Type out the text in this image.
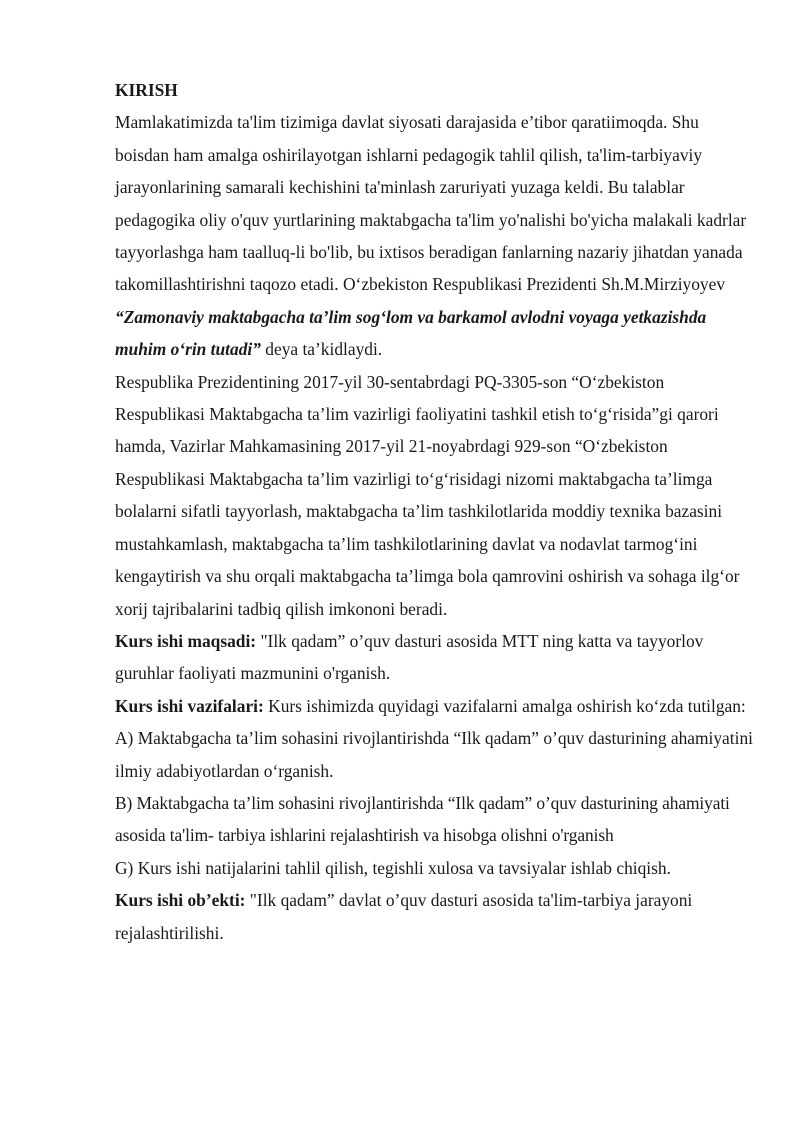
KIRISH

Mamlakatimizda ta'lim tizimiga davlat siyosati darajasida e’tibor qaratiimoqda. Shu boisdan ham amalga oshirilayotgan ishlarni pedagogik tahlil qilish, ta'lim-tarbiyaviy jarayonlarining samarali kechishini ta'minlash zaruriyati yuzaga keldi. Bu talablar pedagogika oliy o'quv yurtlarining maktabgacha ta'lim yo'nalishi bo'yicha malakali kadrlar tayyorlashga ham taalluq-li bo'lib, bu ixtisos beradigan fanlarning nazariy jihatdan yanada takomillashtirishni taqozo etadi. O‘zbekiston Respublikasi Prezidenti Sh.M.Mirziyoyev “Zamonaviy maktabgacha ta’lim sog‘lom va barkamol avlodni voyaga yetkazishda muhim o‘rin tutadi” deya ta’kidlaydi.

Respublika Prezidentining 2017-yil 30-sentabrdagi PQ-3305-son “O‘zbekiston Respublikasi Maktabgacha ta’lim vazirligi faoliyatini tashkil etish to‘g‘risida”gi qarori hamda, Vazirlar Mahkamasining 2017-yil 21-noyabrdagi 929-son “O‘zbekiston Respublikasi Maktabgacha ta’lim vazirligi to‘g‘risidagi nizomi maktabgacha ta’limga bolalarni sifatli tayyorlash, maktabgacha ta’lim tashkilotlarida moddiy texnika bazasini mustahkamlash, maktabgacha ta’lim tashkilotlarining davlat va nodavlat tarmog‘ini kengaytirish va shu orqali maktabgacha ta’limga bola qamrovini oshirish va sohaga ilg‘or xorij tajribalarini tadbiq qilish imkononi beradi.

Kurs ishi maqsadi: "Ilk qadam” o’quv dasturi asosida MTT ning katta va tayyorlov guruhlar faoliyati mazmunini o'rganish.

Kurs ishi vazifalari: Kurs ishimizda quyidagi vazifalarni amalga oshirish ko‘zda tutilgan:

A) Maktabgacha ta’lim sohasini rivojlantirishda “Ilk qadam” o’quv dasturining ahamiyatini ilmiy adabiyotlardan o‘rganish.

B) Maktabgacha ta’lim sohasini rivojlantirishda “Ilk qadam” o’quv dasturining ahamiyati asosida ta'lim- tarbiya ishlarini rejalashtirish va hisobga olishni o'rganish

G) Kurs ishi natijalarini tahlil qilish, tegishli xulosa va tavsiyalar ishlab chiqish.

Kurs ishi ob’ekti: "Ilk qadam” davlat o’quv dasturi asosida ta'lim-tarbiya jarayoni rejalashtirilishi.
